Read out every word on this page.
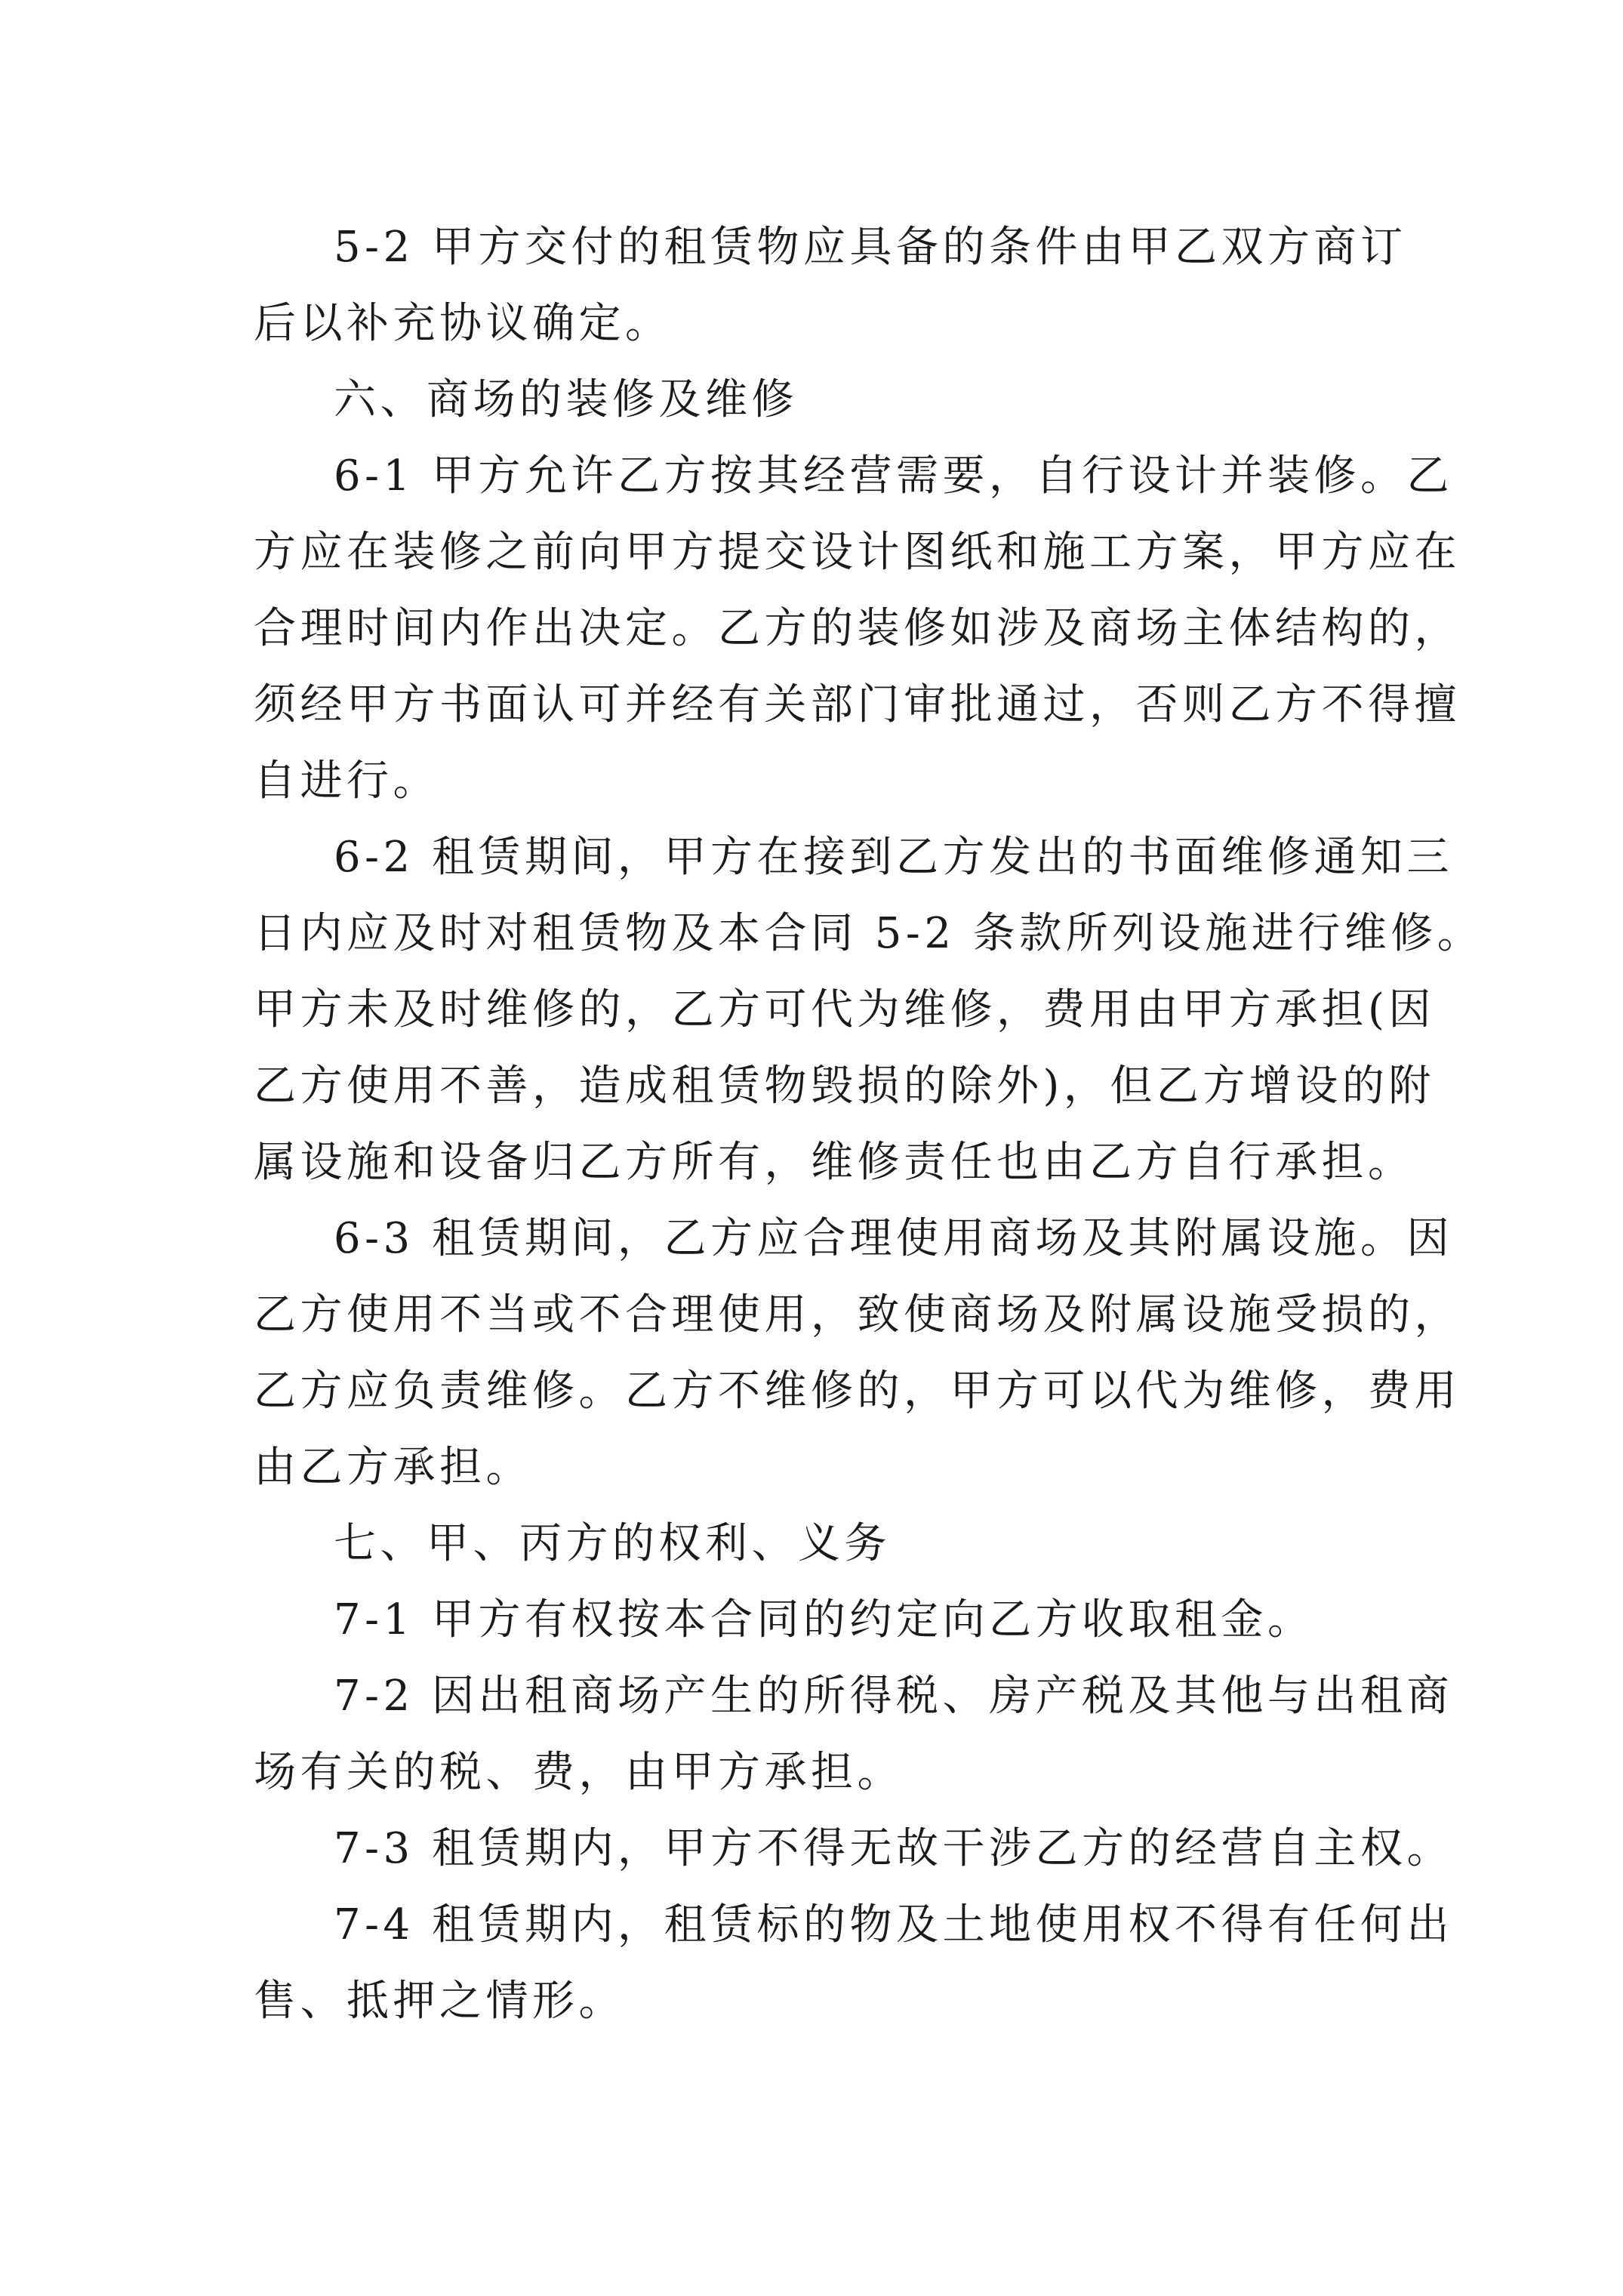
5-2 甲方交付的租赁物应具备的条件由甲乙双方商订

后以补充协议确定。

六、商场的装修及维修

6-1 甲方允许乙方按其经营需要，自行设计并装修。乙

方应在装修之前向甲方提交设计图纸和施工方案，甲方应在

合理时间内作出决定。乙方的装修如涉及商场主体结构的，

须经甲方书面认可并经有关部门审批通过，否则乙方不得擅

自进行。

6-2 租赁期间，甲方在接到乙方发出的书面维修通知三

日内应及时对租赁物及本合同 5-2 条款所列设施进行维修。

甲方未及时维修的，乙方可代为维修，费用由甲方承担(因

乙方使用不善，造成租赁物毁损的除外)，但乙方增设的附

属设施和设备归乙方所有，维修责任也由乙方自行承担。

6-3 租赁期间，乙方应合理使用商场及其附属设施。因

乙方使用不当或不合理使用，致使商场及附属设施受损的，

乙方应负责维修。乙方不维修的，甲方可以代为维修，费用

由乙方承担。

七、甲、丙方的权利、义务

7-1 甲方有权按本合同的约定向乙方收取租金。

7-2 因出租商场产生的所得税、房产税及其他与出租商

场有关的税、费，由甲方承担。

7-3 租赁期内，甲方不得无故干涉乙方的经营自主权。

7-4 租赁期内，租赁标的物及土地使用权不得有任何出

售、抵押之情形。
